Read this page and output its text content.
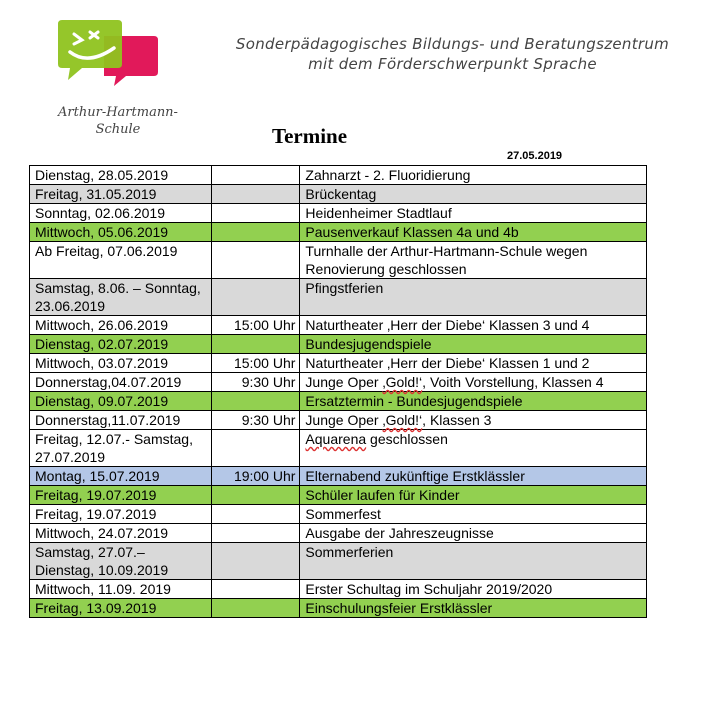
Arthur-Hartmann-
Schule
Sonderpädagogisches Bildungs- und Beratungszentrum
mit dem Förderschwerpunkt Sprache
Termine
27.05.2019
Dienstag, 28.05.2019		Zahnarzt - 2. Fluoridierung
Freitag, 31.05.2019		Brückentag
Sonntag, 02.06.2019		Heidenheimer Stadtlauf
Mittwoch, 05.06.2019		Pausenverkauf Klassen 4a und 4b
Ab Freitag, 07.06.2019		Turnhalle der Arthur-Hartmann-Schule wegen Renovierung geschlossen
Samstag, 8.06. – Sonntag, 23.06.2019		Pfingstferien
Mittwoch, 26.06.2019	15:00 Uhr	Naturtheater ‚Herr der Diebe‘ Klassen 3 und 4
Dienstag, 02.07.2019		Bundesjugendspiele
Mittwoch, 03.07.2019	15:00 Uhr	Naturtheater ‚Herr der Diebe‘ Klassen 1 und 2
Donnerstag,04.07.2019	9:30 Uhr	Junge Oper ‚Gold!‘, Voith Vorstellung, Klassen 4
Dienstag, 09.07.2019		Ersatztermin - Bundesjugendspiele
Donnerstag,11.07.2019	9:30 Uhr	Junge Oper ‚Gold!‘, Klassen 3
Freitag, 12.07.- Samstag, 27.07.2019		Aquarena geschlossen
Montag, 15.07.2019	19:00 Uhr	Elternabend zukünftige Erstklässler
Freitag, 19.07.2019		Schüler laufen für Kinder
Freitag, 19.07.2019		Sommerfest
Mittwoch, 24.07.2019		Ausgabe der Jahreszeugnisse
Samstag, 27.07.– Dienstag, 10.09.2019		Sommerferien
Mittwoch, 11.09. 2019		Erster Schultag im Schuljahr 2019/2020
Freitag, 13.09.2019		Einschulungsfeier Erstklässler
